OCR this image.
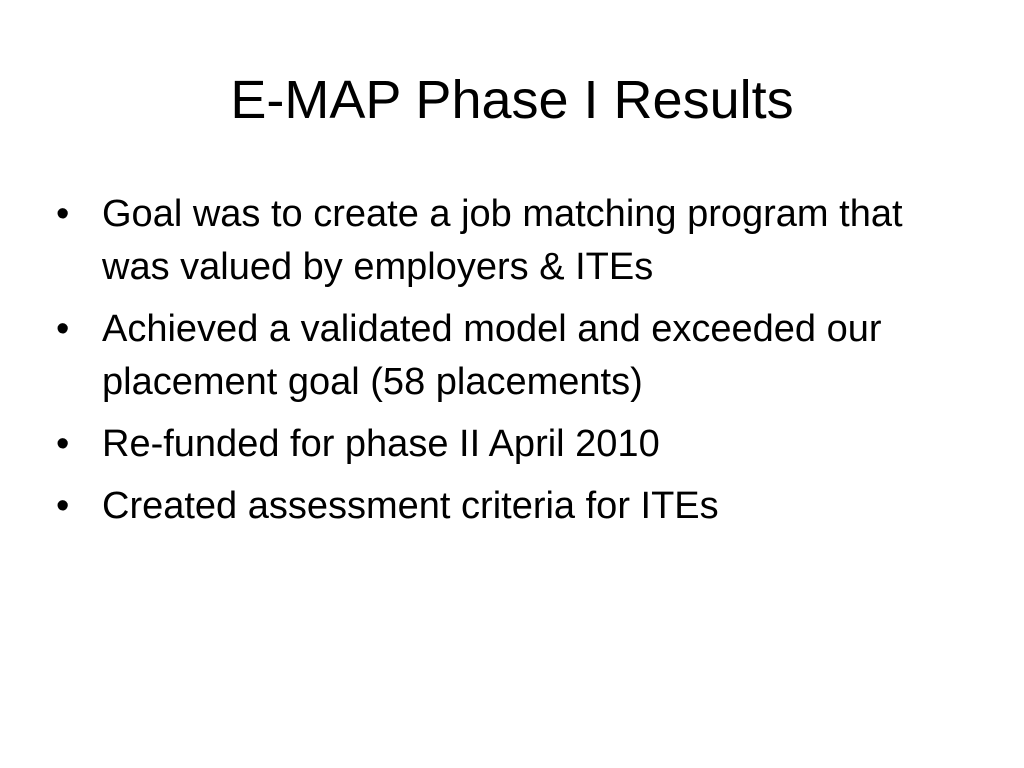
E-MAP Phase I Results
• Goal was to create a job matching program that was valued by employers & ITEs
• Achieved a validated model and exceeded our placement goal (58 placements)
• Re-funded for phase II April 2010
• Created assessment criteria for ITEs
